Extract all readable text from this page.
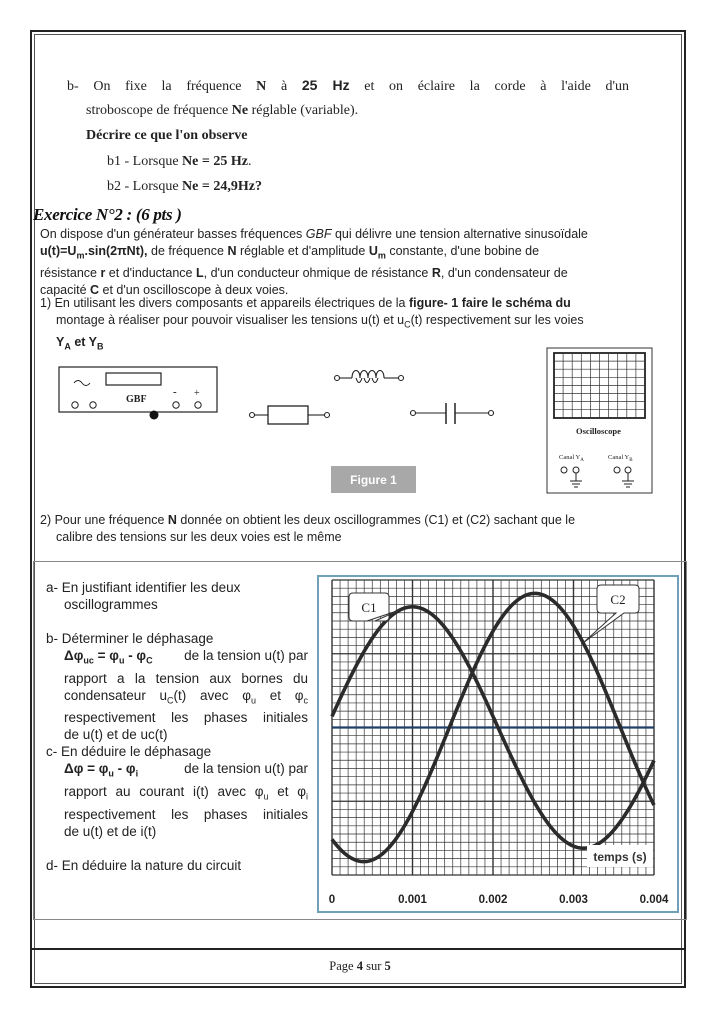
b- On fixe la fréquence N à 25 Hz et on éclaire la corde à l'aide d'un
stroboscope de fréquence Ne réglable (variable).
Décrire ce que l'on observe
b1 - Lorsque Ne = 25 Hz.
b2 - Lorsque Ne = 24,9Hz?
Exercice N°2 : (6 pts )
On dispose d'un générateur basses fréquences GBF qui délivre une tension alternative sinusoïdale
$u(t)=U_m.\sin(2\pi Nt)$, de fréquence N réglable et d'amplitude $U_m$ constante, d'une bobine de
résistance r et d'inductance L, d'un conducteur ohmique de résistance R, d'un condensateur de
capacité C et d'un oscilloscope à deux voies.
1) En utilisant les divers composants et appareils électriques de la figure- 1 faire le schéma du
montage à réaliser pour pouvoir visualiser les tensions u(t) et $u_C(t)$ respectivement sur les voies
$Y_A$ et $Y_B$
GBF
- +
Oscilloscope
Canal $Y_A$	Canal $Y_B$
Figure 1
2) Pour une fréquence N donnée on obtient les deux oscillogrammes (C1) et (C2) sachant que le
calibre des tensions sur les deux voies est le même
a- En justifiant identifier les deux
oscillogrammes
b- Déterminer le déphasage
$\Delta\varphi_{uc} = \varphi_u - \varphi_C$ de la tension u(t) par
rapport a la tension aux bornes du
condensateur $u_C(t)$ avec $\varphi_u$ et $\varphi_c$
respectivement les phases initiales
de u(t) et de uc(t)
c- En déduire le déphasage
$\Delta\varphi = \varphi_u - \varphi_i$	de la tension u(t) par
rapport au courant i(t) avec $\varphi_u$ et $\varphi_i$
respectivement les phases initiales
de u(t) et de i(t)
d- En déduire la nature du circuit
C1
C2
temps (s)
0	0.001	0.002	0.003	0.004
Page 4 sur 5
